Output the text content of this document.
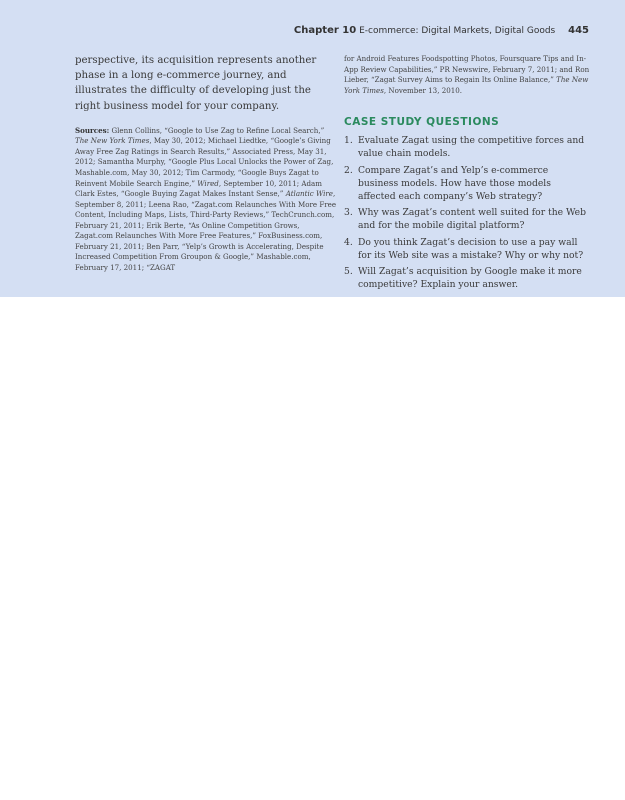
Chapter 10 E-commerce: Digital Markets, Digital Goods 445

perspective, its acquisition represents another phase in a long e-commerce journey, and illustrates the difficulty of developing just the right business model for your company.

Sources: Glenn Collins, “Google to Use Zag to Refine Local Search,” The New York Times, May 30, 2012; Michael Liedtke, “Google’s Giving Away Free Zag Ratings in Search Results,” Associated Press, May 31, 2012; Samantha Murphy, “Google Plus Local Unlocks the Power of Zag, Mashable.com, May 30, 2012; Tim Carmody, “Google Buys Zagat to Reinvent Mobile Search Engine,” Wired, September 10, 2011; Adam Clark Estes, “Google Buying Zagat Makes Instant Sense,” Atlantic Wire, September 8, 2011; Leena Rao, “Zagat.com Relaunches With More Free Content, Including Maps, Lists, Third-Party Reviews,” TechCrunch.com, February 21, 2011; Erik Berte, “As Online Competition Grows, Zagat.com Relaunches With More Free Features,” FoxBusiness.com, February 21, 2011; Ben Parr, “Yelp’s Growth is Accelerating, Despite Increased Competition From Groupon & Google,” Mashable.com, February 17, 2011; “ZAGAT

for Android Features Foodspotting Photos, Foursquare Tips and In-App Review Capabilities,” PR Newswire, February 7, 2011; and Ron Lieber, “Zagat Survey Aims to Regain Its Online Balance,” The New York Times, November 13, 2010.

CASE STUDY QUESTIONS
1. Evaluate Zagat using the competitive forces and value chain models.
2. Compare Zagat’s and Yelp’s e-commerce business models. How have those models affected each company’s Web strategy?
3. Why was Zagat’s content well suited for the Web and for the mobile digital platform?
4. Do you think Zagat’s decision to use a pay wall for its Web site was a mistake? Why or why not?
5. Will Zagat’s acquisition by Google make it more competitive? Explain your answer.
